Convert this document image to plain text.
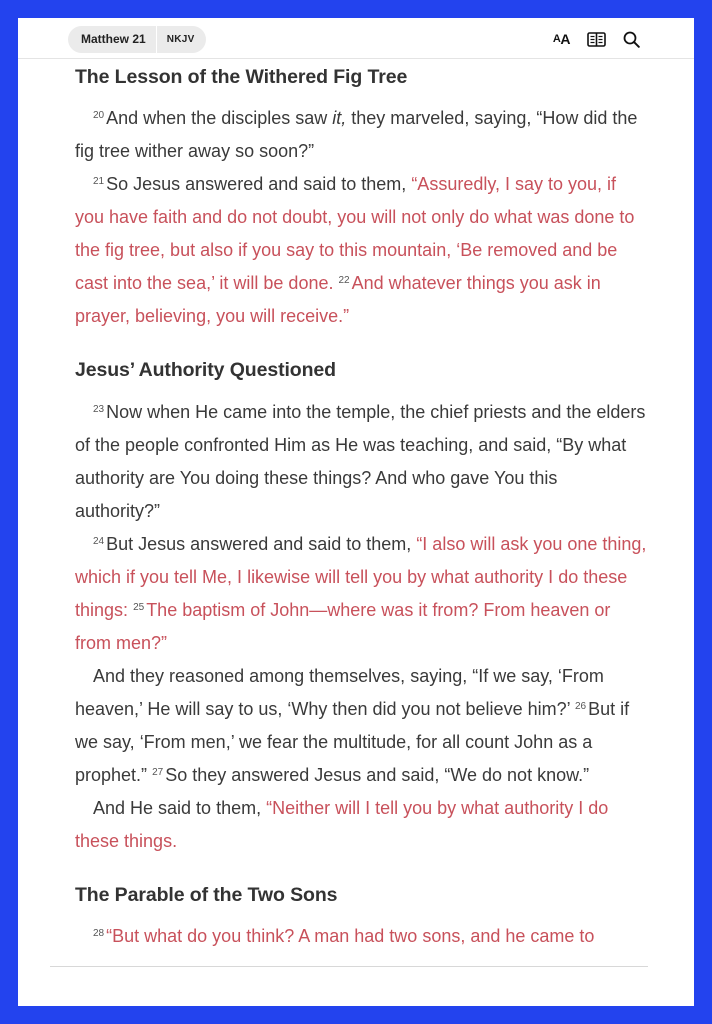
Matthew 21	NKJV	A A
The Lesson of the Withered Fig Tree

$^{20}$ And when the disciples saw it, they marveled, saying, “How did the fig tree wither away so soon?”

$^{21}$ So Jesus answered and said to them, “Assuredly, I say to you, if you have faith and do not doubt, you will not only do what was done to the fig tree, but also if you say to this mountain, ‘Be removed and be cast into the sea,’ it will be done. $^{22}$ And whatever things you ask in prayer, believing, you will receive.”

Jesus’ Authority Questioned

$^{23}$ Now when He came into the temple, the chief priests and the elders of the people confronted Him as He was teaching, and said, “By what authority are You doing these things? And who gave You this authority?”

$^{24}$ But Jesus answered and said to them, “I also will ask you one thing, which if you tell Me, I likewise will tell you by what authority I do these things: $^{25}$ The baptism of John—where was it from? From heaven or from men?”

And they reasoned among themselves, saying, “If we say, ‘From heaven,’ He will say to us, ‘Why then did you not believe him?’ $^{26}$ But if we say, ‘From men,’ we fear the multitude, for all count John as a prophet.” $^{27}$ So they answered Jesus and said, “We do not know.”

And He said to them, “Neither will I tell you by what authority I do these things.

The Parable of the Two Sons

$^{28}$ “But what do you think? A man had two sons, and he came to
